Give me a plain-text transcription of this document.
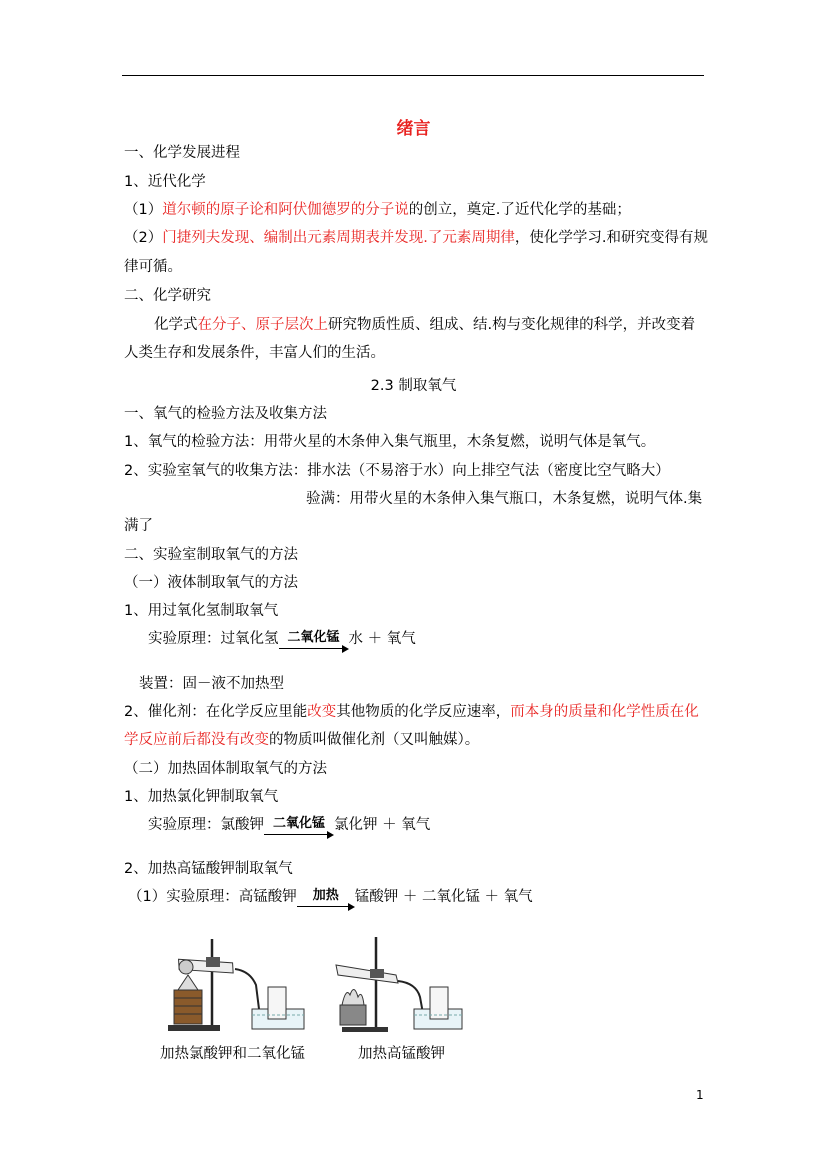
绪言
一、化学发展进程
1、近代化学
（1）道尔顿的原子论和阿伏伽德罗的分子说的创立，奠定.了近代化学的基础；
（2）门捷列夫发现、编制出元素周期表并发现.了元素周期律，使化学学习.和研究变得有规
律可循。
二、化学研究
化学式在分子、原子层次上研究物质性质、组成、结.构与变化规律的科学，并改变着
人类生存和发展条件，丰富人们的生活。
2.3 制取氧气
一、氧气的检验方法及收集方法
1、氧气的检验方法：用带火星的木条伸入集气瓶里，木条复燃，说明气体是氧气。
2、实验室氧气的收集方法：排水法（不易溶于水）向上排空气法（密度比空气略大）
验满：用带火星的木条伸入集气瓶口，木条复燃，说明气体.集
满了
二、实验室制取氧气的方法
（一）液体制取氧气的方法
1、用过氧化氢制取氧气
实验原理：过氧化氢 二氧化锰 水 ＋ 氧气
装置：固－液不加热型
2、催化剂：在化学反应里能改变其他物质的化学反应速率，而本身的质量和化学性质在化
学反应前后都没有改变的物质叫做催化剂（又叫触媒）。
（二）加热固体制取氧气的方法
1、加热氯化钾制取氧气
实验原理：氯酸钾 二氧化锰 氯化钾 ＋ 氧气
2、加热高锰酸钾制取氧气
（1）实验原理：高锰酸钾	加热	锰酸钾 ＋ 二氧化锰 ＋ 氧气
加热氯酸钾和二氧化锰	加热高锰酸钾
1
